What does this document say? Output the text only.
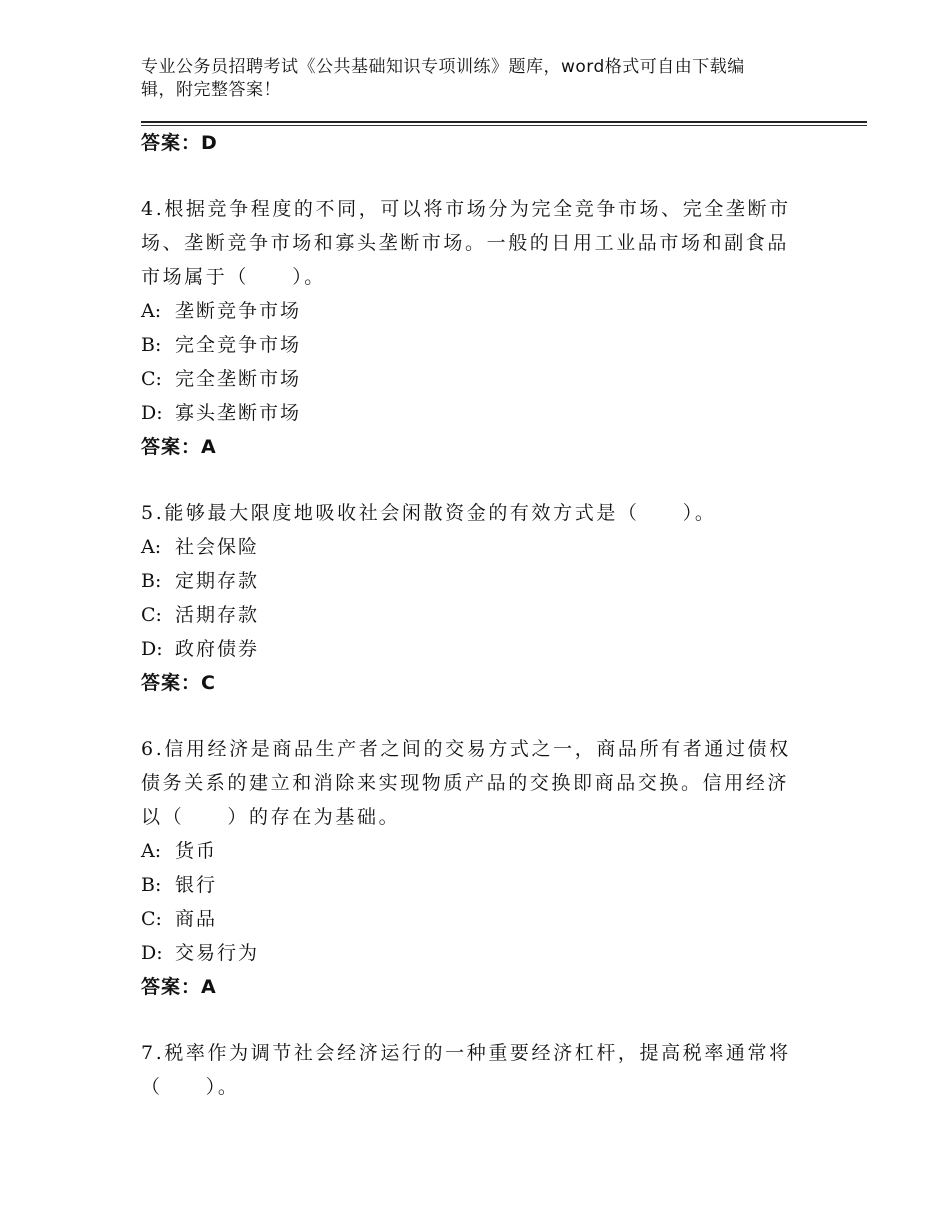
专业公务员招聘考试《公共基础知识专项训练》题库，word格式可自由下载编
辑，附完整答案！
答案：D
4.根据竞争程度的不同，可以将市场分为完全竞争市场、完全垄断市场、垄断竞争市场和寡头垄断市场。一般的日用工业品市场和副食品市场属于（　　）。
A: 垄断竞争市场
B: 完全竞争市场
C: 完全垄断市场
D: 寡头垄断市场
答案：A
5.能够最大限度地吸收社会闲散资金的有效方式是（　　）。
A: 社会保险
B: 定期存款
C: 活期存款
D: 政府债券
答案：C
6.信用经济是商品生产者之间的交易方式之一，商品所有者通过债权债务关系的建立和消除来实现物质产品的交换即商品交换。信用经济以（　　）的存在为基础。
A: 货币
B: 银行
C: 商品
D: 交易行为
答案：A
7.税率作为调节社会经济运行的一种重要经济杠杆，提高税率通常将（　　）。
